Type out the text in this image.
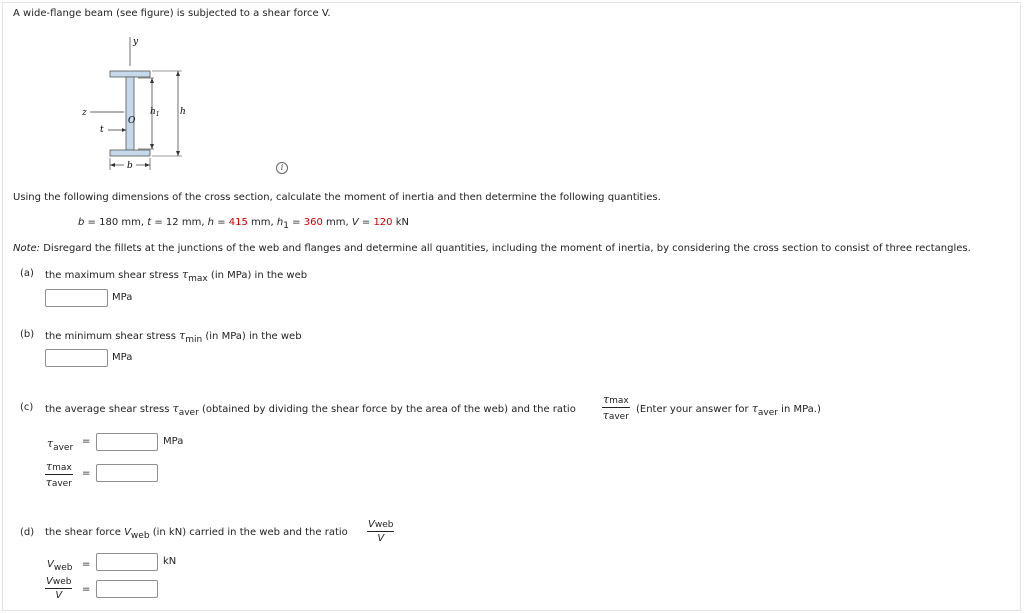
A wide-flange beam (see figure) is subjected to a shear force V.
y
z
O
t
$h_1$ h
b	i
Using the following dimensions of the cross section, calculate the moment of inertia and then determine the following quantities.
b = 180 mm, t = 12 mm, h = 415 mm, h1 = 360 mm, V = 120 kN
Note: Disregard the fillets at the junctions of the web and flanges and determine all quantities, including the moment of inertia, by considering the cross section to consist of three rectangles.
(a) the maximum shear stress τmax (in MPa) in the web
MPa
(b) the minimum shear stress τmin (in MPa) in the web
MPa
(c) the average shear stress τaver (obtained by dividing the shear force by the area of the web) and the ratio
τmax
τaver
(Enter your answer for τaver in MPa.)
τaver
=	MPa
τmax
τaver
=
(d) the shear force Vweb (in kN) carried in the web and the ratio
Vweb
V
Vweb =	kN
Vweb
V
=
